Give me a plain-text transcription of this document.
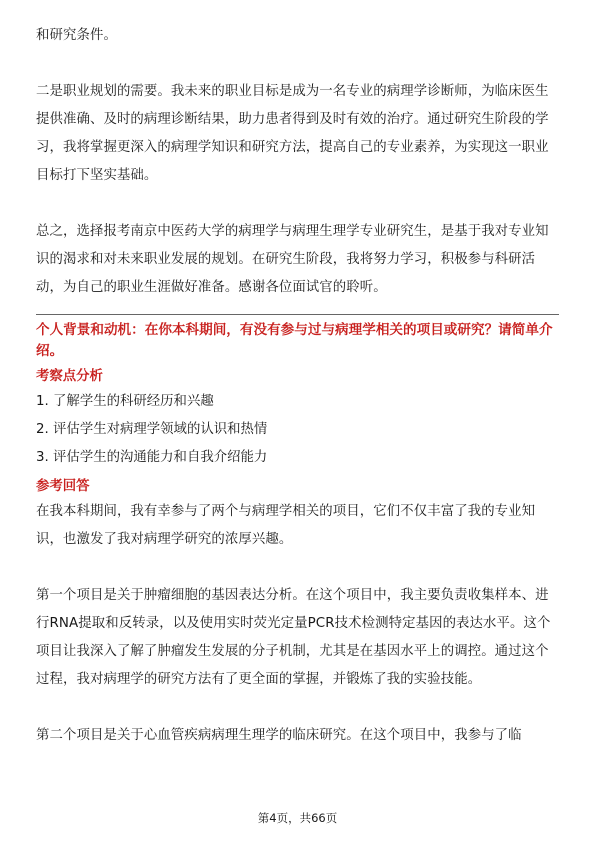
和研究条件。

二是职业规划的需要。我未来的职业目标是成为一名专业的病理学诊断师，为临床医生提供准确、及时的病理诊断结果，助力患者得到及时有效的治疗。通过研究生阶段的学习，我将掌握更深入的病理学知识和研究方法，提高自己的专业素养，为实现这一职业目标打下坚实基础。

总之，选择报考南京中医药大学的病理学与病理生理学专业研究生，是基于我对专业知识的渴求和对未来职业发展的规划。在研究生阶段，我将努力学习，积极参与科研活动，为自己的职业生涯做好准备。感谢各位面试官的聆听。

个人背景和动机：在你本科期间，有没有参与过与病理学相关的项目或研究？请简单介绍。

考察点分析

1. 了解学生的科研经历和兴趣

2. 评估学生对病理学领域的认识和热情

3. 评估学生的沟通能力和自我介绍能力

参考回答

在我本科期间，我有幸参与了两个与病理学相关的项目，它们不仅丰富了我的专业知识，也激发了我对病理学研究的浓厚兴趣。

第一个项目是关于肿瘤细胞的基因表达分析。在这个项目中，我主要负责收集样本、进行RNA提取和反转录，以及使用实时荧光定量PCR技术检测特定基因的表达水平。这个项目让我深入了解了肿瘤发生发展的分子机制，尤其是在基因水平上的调控。通过这个过程，我对病理学的研究方法有了更全面的掌握，并锻炼了我的实验技能。

第二个项目是关于心血管疾病病理生理学的临床研究。在这个项目中，我参与了临

第4页，共66页
